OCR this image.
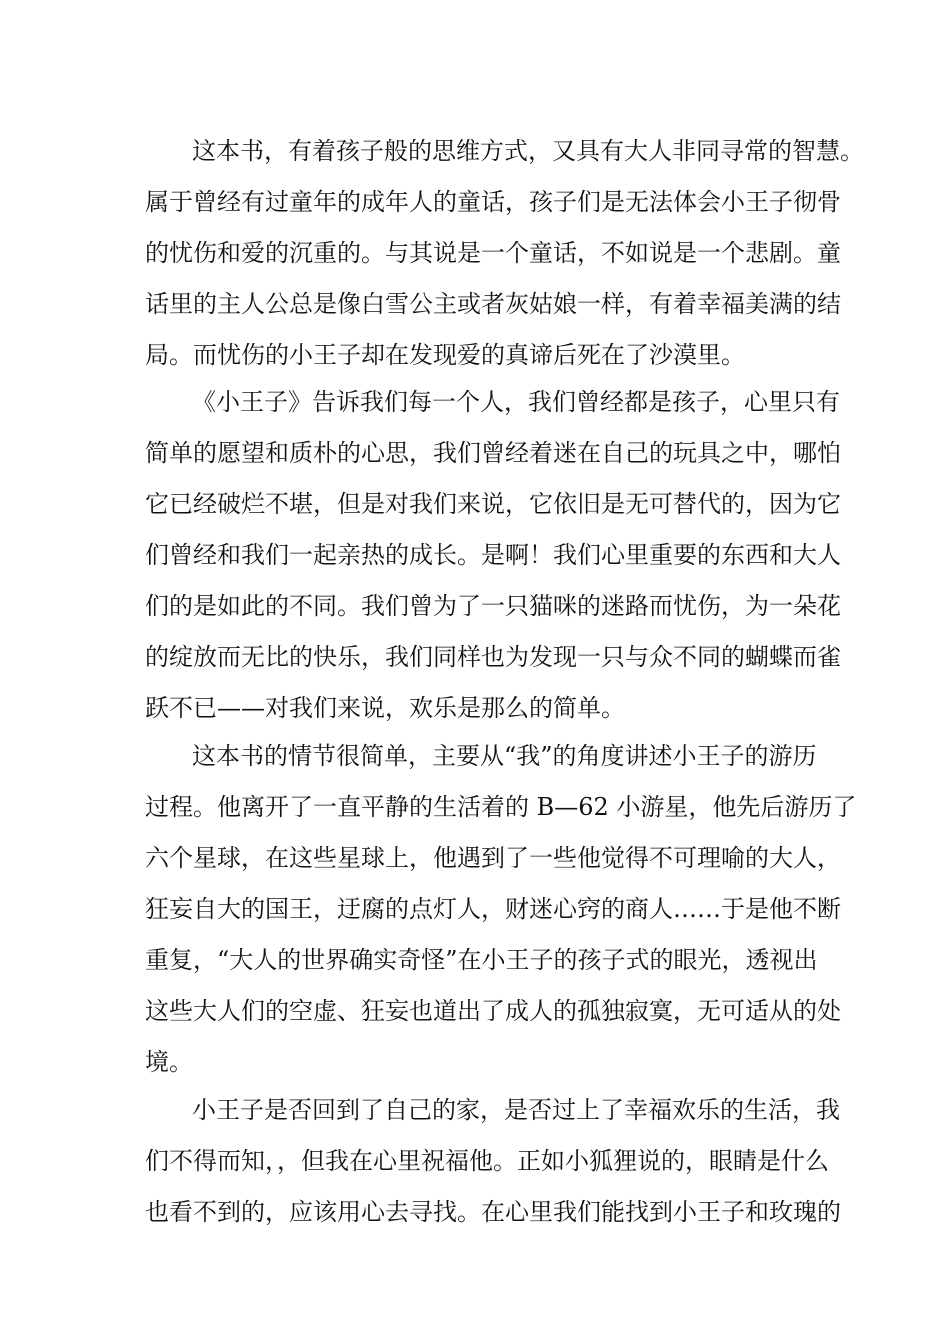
这本书，有着孩子般的思维方式，又具有大人非同寻常的智慧。
属于曾经有过童年的成年人的童话，孩子们是无法体会小王子彻骨
的忧伤和爱的沉重的。与其说是一个童话，不如说是一个悲剧。童
话里的主人公总是像白雪公主或者灰姑娘一样，有着幸福美满的结
局。而忧伤的小王子却在发现爱的真谛后死在了沙漠里。
《小王子》告诉我们每一个人，我们曾经都是孩子，心里只有
简单的愿望和质朴的心思，我们曾经着迷在自己的玩具之中，哪怕
它已经破烂不堪，但是对我们来说，它依旧是无可替代的，因为它
们曾经和我们一起亲热的成长。是啊！我们心里重要的东西和大人
们的是如此的不同。我们曾为了一只猫咪的迷路而忧伤，为一朵花
的绽放而无比的快乐，我们同样也为发现一只与众不同的蝴蝶而雀
跃不已——对我们来说，欢乐是那么的简单。
这本书的情节很简单，主要从“我”的角度讲述小王子的游历
过程。他离开了一直平静的生活着的 B—62 小游星，他先后游历了
六个星球，在这些星球上，他遇到了一些他觉得不可理喻的大人，
狂妄自大的国王，迂腐的点灯人，财迷心窍的商人……于是他不断
重复，“大人的世界确实奇怪”在小王子的孩子式的眼光，透视出
这些大人们的空虚、狂妄也道出了成人的孤独寂寞，无可适从的处
境。
小王子是否回到了自己的家，是否过上了幸福欢乐的生活，我
们不得而知，，但我在心里祝福他。正如小狐狸说的，眼睛是什么
也看不到的，应该用心去寻找。在心里我们能找到小王子和玫瑰的
